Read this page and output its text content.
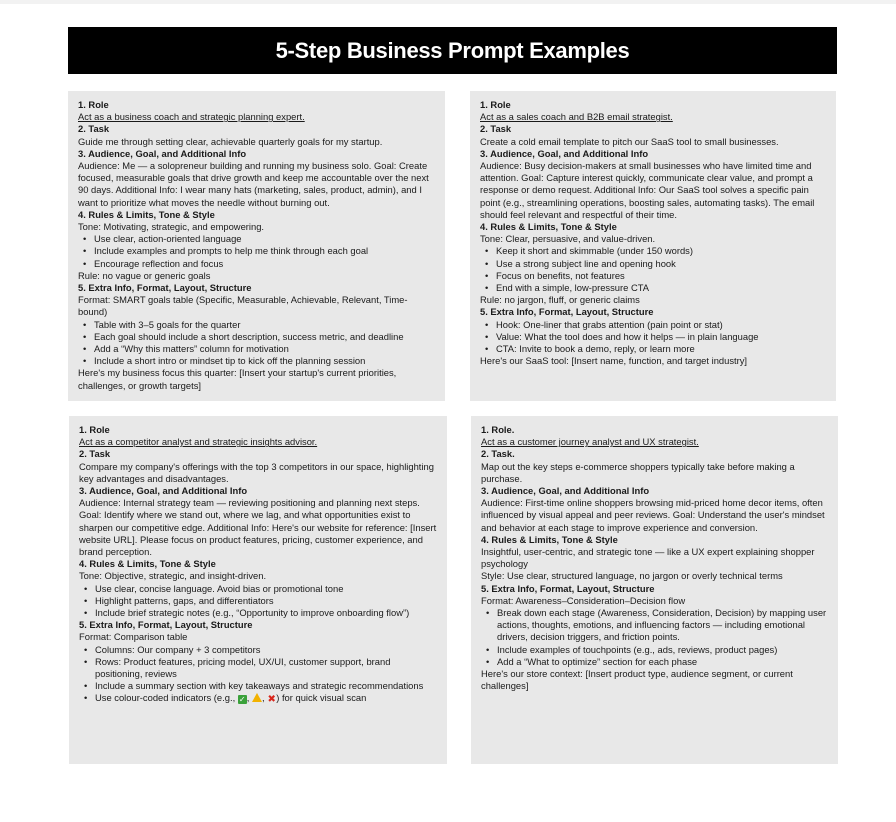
5-Step Business Prompt Examples
1. Role
Act as a business coach and strategic planning expert.
2. Task
Guide me through setting clear, achievable quarterly goals for my startup.
3. Audience, Goal, and Additional Info
Audience: Me — a solopreneur building and running my business solo. Goal: Create focused, measurable goals that drive growth and keep me accountable over the next 90 days. Additional Info: I wear many hats (marketing, sales, product, admin), and I want to prioritize what moves the needle without burning out.
4. Rules & Limits, Tone & Style
Tone: Motivating, strategic, and empowering.
• Use clear, action-oriented language
• Include examples and prompts to help me think through each goal
• Encourage reflection and focus
Rule: no vague or generic goals
5. Extra Info, Format, Layout, Structure
Format: SMART goals table (Specific, Measurable, Achievable, Relevant, Time-bound)
• Table with 3–5 goals for the quarter
• Each goal should include a short description, success metric, and deadline
• Add a “Why this matters” column for motivation
• Include a short intro or mindset tip to kick off the planning session
Here's my business focus this quarter: [Insert your startup's current priorities, challenges, or growth targets]
1. Role
Act as a sales coach and B2B email strategist.
2. Task
Create a cold email template to pitch our SaaS tool to small businesses.
3. Audience, Goal, and Additional Info
Audience: Busy decision-makers at small businesses who have limited time and attention. Goal: Capture interest quickly, communicate clear value, and prompt a response or demo request. Additional Info: Our SaaS tool solves a specific pain point (e.g., streamlining operations, boosting sales, automating tasks). The email should feel relevant and respectful of their time.
4. Rules & Limits, Tone & Style
Tone: Clear, persuasive, and value-driven.
• Keep it short and skimmable (under 150 words)
• Use a strong subject line and opening hook
• Focus on benefits, not features
• End with a simple, low-pressure CTA
Rule: no jargon, fluff, or generic claims
5. Extra Info, Format, Layout, Structure
• Hook: One-liner that grabs attention (pain point or stat)
• Value: What the tool does and how it helps — in plain language
• CTA: Invite to book a demo, reply, or learn more
Here's our SaaS tool: [Insert name, function, and target industry]
1. Role
Act as a competitor analyst and strategic insights advisor.
2. Task
Compare my company's offerings with the top 3 competitors in our space, highlighting key advantages and disadvantages.
3. Audience, Goal, and Additional Info
Audience: Internal strategy team — reviewing positioning and planning next steps. Goal: Identify where we stand out, where we lag, and what opportunities exist to sharpen our competitive edge. Additional Info: Here's our website for reference: [Insert website URL]. Please focus on product features, pricing, customer experience, and brand perception.
4. Rules & Limits, Tone & Style
Tone: Objective, strategic, and insight-driven.
• Use clear, concise language. Avoid bias or promotional tone
• Highlight patterns, gaps, and differentiators
• Include brief strategic notes (e.g., “Opportunity to improve onboarding flow”)
5. Extra Info, Format, Layout, Structure
Format: Comparison table
• Columns: Our company + 3 competitors
• Rows: Product features, pricing model, UX/UI, customer support, brand positioning, reviews
• Include a summary section with key takeaways and strategic recommendations
• Use colour-coded indicators (e.g., ✓, , ✖) for quick visual scan
1. Role.
Act as a customer journey analyst and UX strategist.
2. Task.
Map out the key steps e-commerce shoppers typically take before making a purchase.
3. Audience, Goal, and Additional Info
Audience: First-time online shoppers browsing mid-priced home decor items, often influenced by visual appeal and peer reviews. Goal: Understand the user's mindset and behavior at each stage to improve experience and conversion.
4. Rules & Limits, Tone & Style
Insightful, user-centric, and strategic tone — like a UX expert explaining shopper psychology
Style: Use clear, structured language, no jargon or overly technical terms
5. Extra Info, Format, Layout, Structure
Format: Awareness–Consideration–Decision flow
• Break down each stage (Awareness, Consideration, Decision) by mapping user actions, thoughts, emotions, and influencing factors — including emotional drivers, decision triggers, and friction points.
• Include examples of touchpoints (e.g., ads, reviews, product pages)
• Add a “What to optimize” section for each phase
Here's our store context: [Insert product type, audience segment, or current challenges]
